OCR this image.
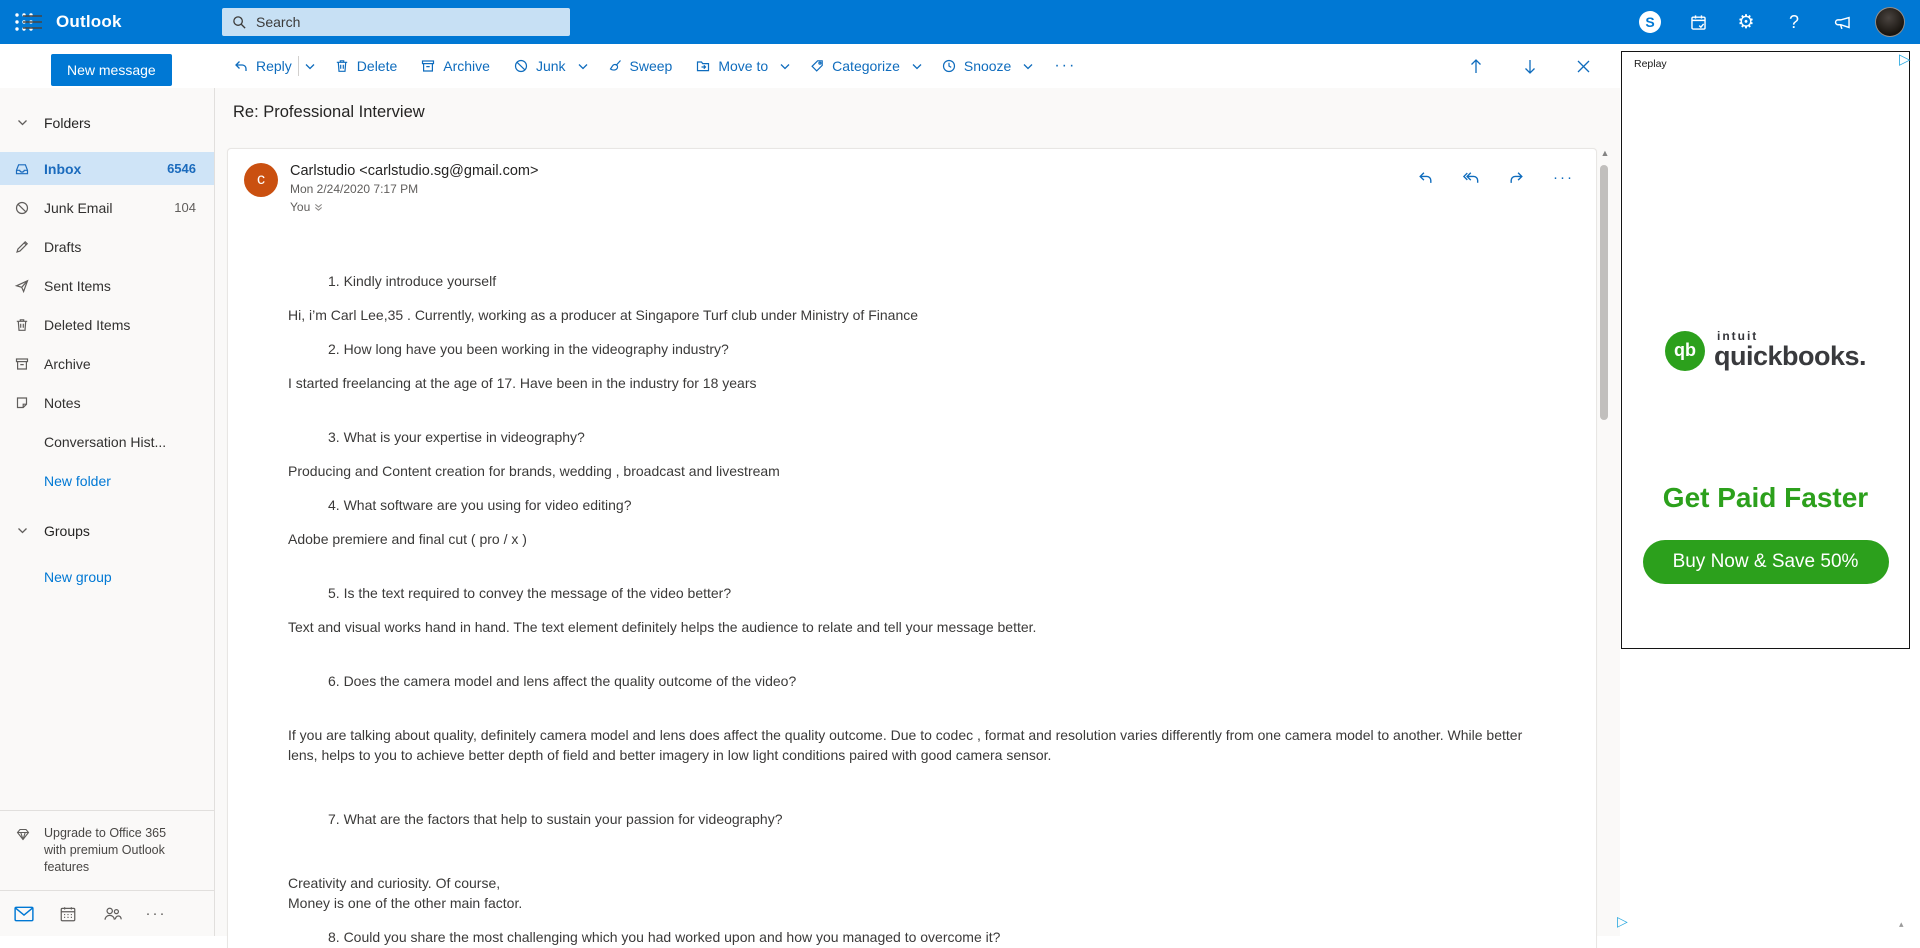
Outlook
Search	S	⚙ ?
New message	Reply	Delete	Archive	Junk	Sweep	Move to	Categorize	Snooze	···
Folders
Inbox	6546
Junk Email	104
Drafts
Sent Items
Deleted Items
Archive
Notes
Conversation Hist...
New folder
Groups
New group
Upgrade to Office 365 with premium Outlook features
···
Re: Professional Interview
c	Carlstudio <carlstudio.sg@gmail.com>
Mon 2/24/2020 7:17 PM
You
···

1. Kindly introduce yourself

Hi, i’m Carl Lee,35 . Currently, working as a producer at Singapore Turf club under Ministry of Finance

2. How long have you been working in the videography industry?

I started freelancing at the age of 17. Have been in the industry for 18 years

3. What is your expertise in videography?

Producing and Content creation for brands, wedding , broadcast and livestream

4. What software are you using for video editing?

Adobe premiere and final cut ( pro / x )

5. Is the text required to convey the message of the video better?

Text and visual works hand in hand. The text element definitely helps the audience to relate and tell your message better.

6. Does the camera model and lens affect the quality outcome of the video?

If you are talking about quality, definitely camera model and lens does affect the quality outcome. Due to codec , format and resolution varies differently from one camera model to another. While better lens, helps to you to achieve better depth of field and better imagery in low light conditions paired with good camera sensor.

7. What are the factors that help to sustain your passion for videography?

Creativity and curiosity. Of course,

Money is one of the other main factor.

8. Could you share the most challenging which you had worked upon and how you managed to overcome it?

▲
Replay
qb
intuit
quickbooks.
Get Paid Faster
Buy Now & Save 50%
▷
▷	▴
